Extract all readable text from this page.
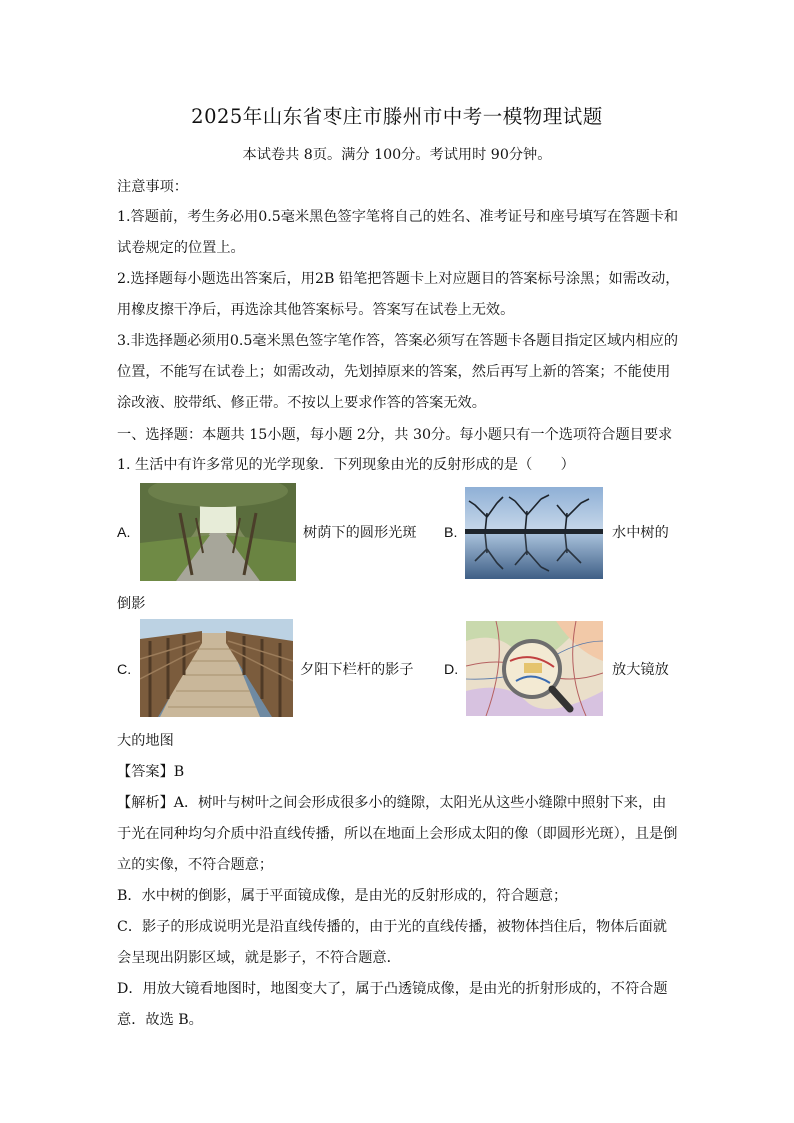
2025年山东省枣庄市滕州市中考一模物理试题
本试卷共 8页。满分 100分。考试用时 90分钟。
注意事项：
1.答题前，考生务必用0.5毫米黑色签字笔将自己的姓名、准考证号和座号填写在答题卡和
试卷规定的位置上。
2.选择题每小题选出答案后，用2B 铅笔把答题卡上对应题目的答案标号涂黑；如需改动，
用橡皮擦干净后，再选涂其他答案标号。答案写在试卷上无效。
3.非选择题必须用0.5毫米黑色签字笔作答，答案必须写在答题卡各题目指定区域内相应的
位置，不能写在试卷上；如需改动，先划掉原来的答案，然后再写上新的答案；不能使用
涂改液、胶带纸、修正带。不按以上要求作答的答案无效。
一、选择题：本题共 15小题，每小题 2分，共 30分。每小题只有一个选项符合题目要求
1. 生活中有许多常见的光学现象．下列现象由光的反射形成的是（　　）
A.	树荫下的圆形光斑 B.	水中树的
倒影
C.	夕阳下栏杆的影子 D.	放大镜放
大的地图
【答案】B
【解析】A．树叶与树叶之间会形成很多小的缝隙，太阳光从这些小缝隙中照射下来，由
于光在同种均匀介质中沿直线传播，所以在地面上会形成太阳的像（即圆形光斑），且是倒
立的实像，不符合题意；
B．水中树的倒影，属于平面镜成像，是由光的反射形成的，符合题意；
C．影子的形成说明光是沿直线传播的，由于光的直线传播，被物体挡住后，物体后面就
会呈现出阴影区域，就是影子，不符合题意．
D．用放大镜看地图时，地图变大了，属于凸透镜成像，是由光的折射形成的，不符合题
意．故选 B。
